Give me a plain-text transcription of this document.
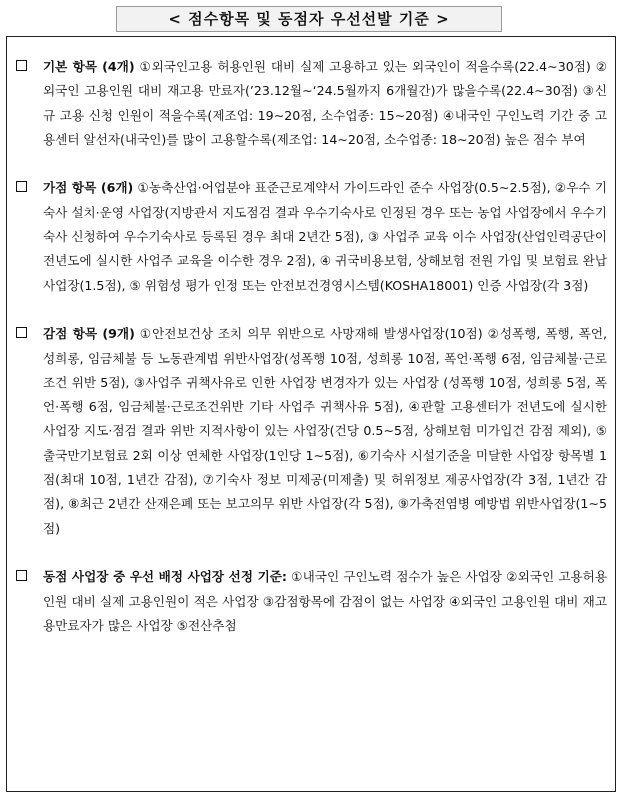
< 점수항목 및 동점자 우선선발 기준 >
기본 항목 (4개) ①외국인고용 허용인원 대비 실제 고용하고 있는 외국인이 적을수록(22.4∼30점) ②외국인 고용인원 대비 재고용 만료자(’23.12월∼‘24.5월까지 6개월간)가 많을수록(22.4∼30점) ③신규 고용 신청 인원이 적을수록(제조업: 19∼20점, 소수업종: 15∼20점) ④내국인 구인노력 기간 중 고용센터 알선자(내국인)를 많이 고용할수록(제조업: 14∼20점, 소수업종: 18∼20점) 높은 점수 부여
가점 항목 (6개) ①농축산업·어업분야 표준근로계약서 가이드라인 준수 사업장(0.5∼2.5점), ②우수 기숙사 설치·운영 사업장(지방관서 지도점검 결과 우수기숙사로 인정된 경우 또는 농업 사업장에서 우수기숙사 신청하여 우수기숙사로 등록된 경우 최대 2년간 5점), ③ 사업주 교육 이수 사업장(산업인력공단이 전년도에 실시한 사업주 교육을 이수한 경우 2점), ④ 귀국비용보험, 상해보험 전원 가입 및 보험료 완납 사업장(1.5점), ⑤ 위험성 평가 인정 또는 안전보건경영시스템(KOSHA18001) 인증 사업장(각 3점)
감점 항목 (9개) ①안전보건상 조치 의무 위반으로 사망재해 발생사업장(10점) ②성폭행, 폭행, 폭언, 성희롱, 임금체불 등 노동관계법 위반사업장(성폭행 10점, 성희롱 10점, 폭언·폭행 6점, 임금체불·근로조건 위반 5점), ③사업주 귀책사유로 인한 사업장 변경자가 있는 사업장 (성폭행 10점, 성희롱 5점, 폭언·폭행 6점, 임금체불·근로조건위반 기타 사업주 귀책사유 5점), ④관할 고용센터가 전년도에 실시한 사업장 지도·점검 결과 위반 지적사항이 있는 사업장(건당 0.5∼5점, 상해보험 미가입건 감점 제외), ⑤출국만기보험료 2회 이상 연체한 사업장(1인당 1∼5점), ⑥기숙사 시설기준을 미달한 사업장 항목별 1점(최대 10점, 1년간 감점), ⑦기숙사 정보 미제공(미제출) 및 허위정보 제공사업장(각 3점, 1년간 감점), ⑧최근 2년간 산재은폐 또는 보고의무 위반 사업장(각 5점), ⑨가축전염병 예방법 위반사업장(1∼5점)
동점 사업장 중 우선 배정 사업장 선정 기준: ①내국인 구인노력 점수가 높은 사업장 ②외국인 고용허용인원 대비 실제 고용인원이 적은 사업장 ③감점항목에 감점이 없는 사업장 ④외국인 고용인원 대비 재고용만료자가 많은 사업장 ⑤전산추첨
